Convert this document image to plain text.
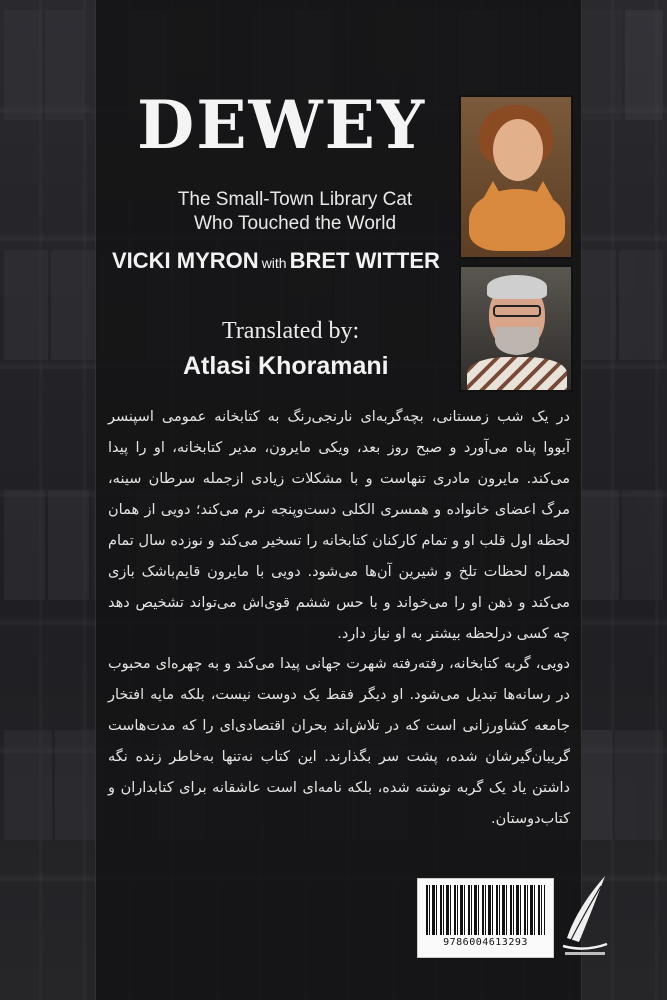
DEWEY
The Small-Town Library Cat
Who Touched the World
VICKI MYRON with BRET WITTER
Translated by:
Atlasi Khoramani
در یک شب زمستانی، بچه‌گربه‌ای نارنجی‌رنگ به کتابخانه عمومی اسپنسر آیووا پناه می‌آورد و صبح روز بعد، ویکی مایرون، مدیر کتابخانه، او را پیدا می‌کند. مایرون مادری تنهاست و با مشکلات زیادی ازجمله سرطان سینه، مرگ اعضای خانواده و همسری الکلی دست‌وپنجه نرم می‌کند؛ دویی از همان لحظه اول قلب او و تمام کارکنان کتابخانه را تسخیر می‌کند و نوزده سال تمام همراه لحظات تلخ و شیرین آن‌ها می‌شود. دویی با مایرون قایم‌باشک بازی می‌کند و ذهن او را می‌خواند و با حس ششم قوی‌اش می‌تواند تشخیص دهد چه کسی درلحظه بیشتر به او نیاز دارد.
دویی، گربه کتابخانه، رفته‌رفته شهرت جهانی پیدا می‌کند و به چهره‌ای محبوب در رسانه‌ها تبدیل می‌شود. او دیگر فقط یک دوست نیست، بلکه مایه افتخار جامعه کشاورزانی است که در تلاش‌اند بحران اقتصادی‌ای را که مدت‌هاست گریبان‌گیرشان شده، پشت سر بگذارند. این کتاب نه‌تنها به‌خاطر زنده نگه داشتن یاد یک گربه نوشته شده، بلکه نامه‌ای است عاشقانه برای کتابداران و کتاب‌دوستان.
9786004613293
